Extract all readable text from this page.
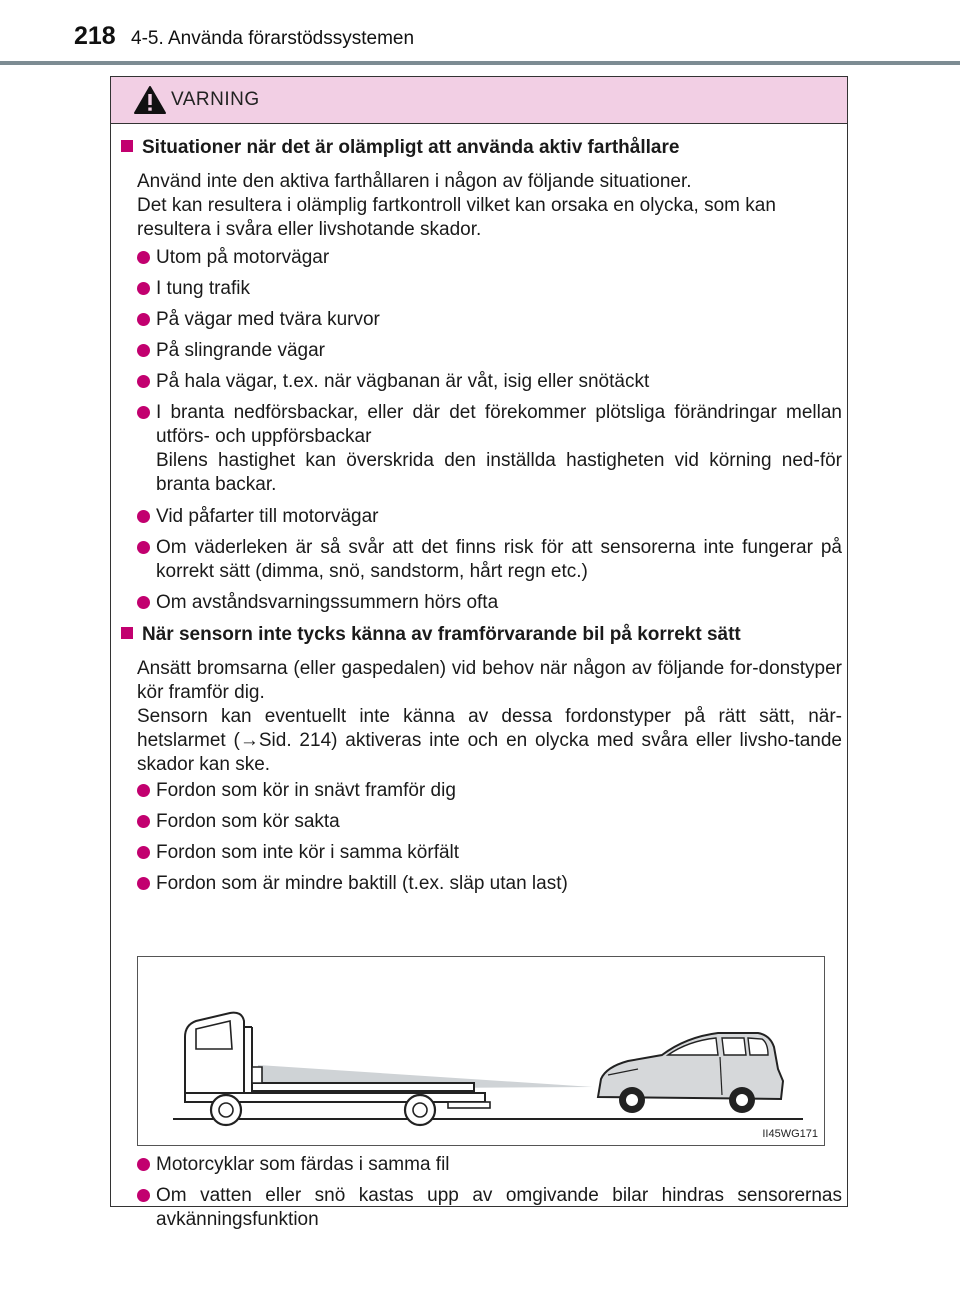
218 4-5. Använda förarstödssystemen
VARNING
Situationer när det är olämpligt att använda aktiv farthållare
Använd inte den aktiva farthållaren i någon av följande situationer.
Det kan resultera i olämplig fartkontroll vilket kan orsaka en olycka, som kan resultera i svåra eller livshotande skador.
Utom på motorvägar
I tung trafik
På vägar med tvära kurvor
På slingrande vägar
På hala vägar, t.ex. när vägbanan är våt, isig eller snötäckt
I branta nedförsbackar, eller där det förekommer plötsliga förändringar mellan utförs- och uppförsbackar
Bilens hastighet kan överskrida den inställda hastigheten vid körning ned-för branta backar.
Vid påfarter till motorvägar
Om väderleken är så svår att det finns risk för att sensorerna inte fungerar på korrekt sätt (dimma, snö, sandstorm, hårt regn etc.)
Om avståndsvarningssummern hörs ofta
När sensorn inte tycks känna av framförvarande bil på korrekt sätt
Ansätt bromsarna (eller gaspedalen) vid behov när någon av följande for-donstyper kör framför dig.
Sensorn kan eventuellt inte känna av dessa fordonstyper på rätt sätt, när-hetslarmet (→Sid. 214) aktiveras inte och en olycka med svåra eller livsho-tande skador kan ske.
Fordon som kör in snävt framför dig
Fordon som kör sakta
Fordon som inte kör i samma körfält
Fordon som är mindre baktill (t.ex. släp utan last)
II45WG171
Motorcyklar som färdas i samma fil
Om vatten eller snö kastas upp av omgivande bilar hindras sensorernas avkänningsfunktion
